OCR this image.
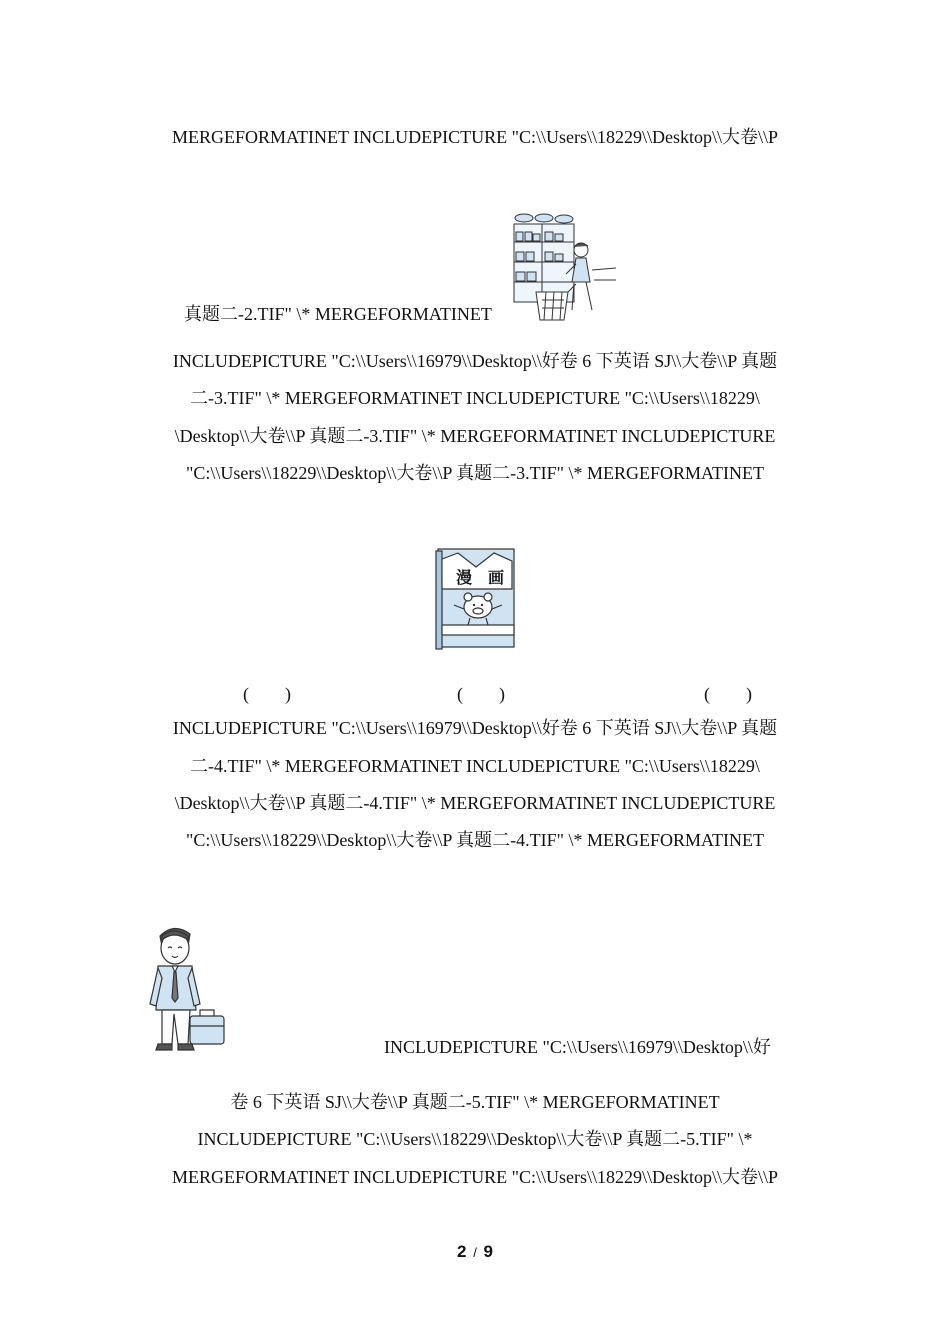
MERGEFORMATINET INCLUDEPICTURE "C:\\Users\\18229\\Desktop\\大卷\\P
真题二-2.TIF" \* MERGEFORMATINET
INCLUDEPICTURE "C:\\Users\\16979\\Desktop\\好卷 6 下英语 SJ\\大卷\\P 真题
二-3.TIF" \* MERGEFORMATINET INCLUDEPICTURE "C:\\Users\\18229\
\Desktop\\大卷\\P 真题二-3.TIF" \* MERGEFORMATINET INCLUDEPICTURE
"C:\\Users\\18229\\Desktop\\大卷\\P 真题二-3.TIF" \* MERGEFORMATINET
漫 画
(        )	(        )	(        )
INCLUDEPICTURE "C:\\Users\\16979\\Desktop\\好卷 6 下英语 SJ\\大卷\\P 真题
二-4.TIF" \* MERGEFORMATINET INCLUDEPICTURE "C:\\Users\\18229\
\Desktop\\大卷\\P 真题二-4.TIF" \* MERGEFORMATINET INCLUDEPICTURE
"C:\\Users\\18229\\Desktop\\大卷\\P 真题二-4.TIF" \* MERGEFORMATINET
INCLUDEPICTURE "C:\\Users\\16979\\Desktop\\好
卷 6 下英语 SJ\\大卷\\P 真题二-5.TIF" \* MERGEFORMATINET
INCLUDEPICTURE "C:\\Users\\18229\\Desktop\\大卷\\P 真题二-5.TIF" \*
MERGEFORMATINET INCLUDEPICTURE "C:\\Users\\18229\\Desktop\\大卷\\P
2 / 9
